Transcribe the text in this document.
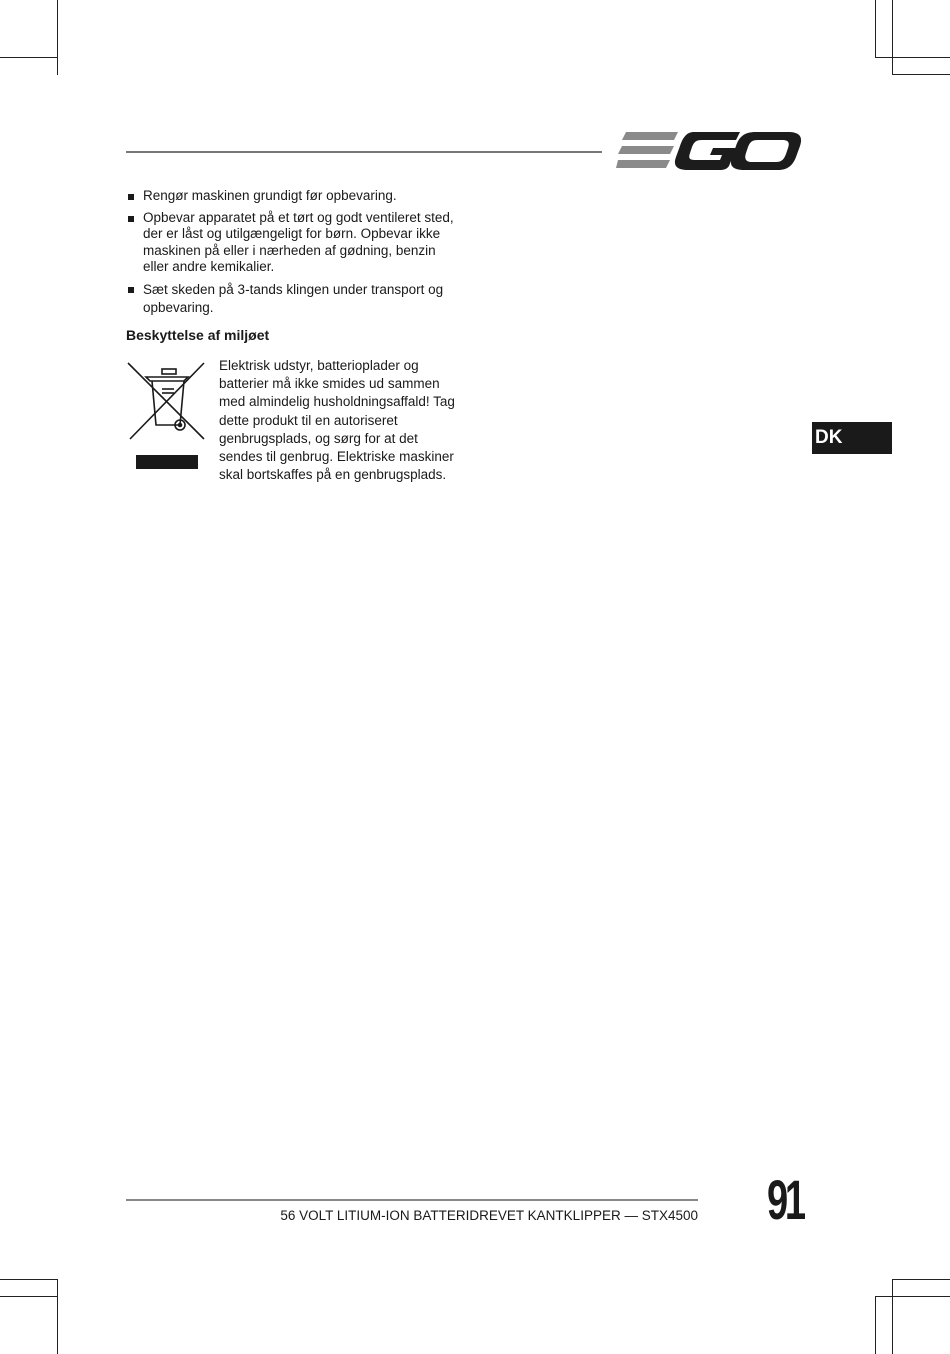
Rengør maskinen grundigt før opbevaring.
Opbevar apparatet på et tørt og godt ventileret sted, der er låst og utilgængeligt for børn. Opbevar ikke maskinen på eller i nærheden af gødning, benzin eller andre kemikalier.
Sæt skeden på 3-tands klingen under transport og opbevaring.
Beskyttelse af miljøet
Elektrisk udstyr, batterioplader og batterier må ikke smides ud sammen med almindelig husholdningsaffald! Tag dette produkt til en autoriseret genbrugsplads, og sørg for at det sendes til genbrug. Elektriske maskiner skal bortskaffes på en genbrugsplads.
DK
56 VOLT LITIUM-ION BATTERIDREVET KANTKLIPPER — STX4500 91
